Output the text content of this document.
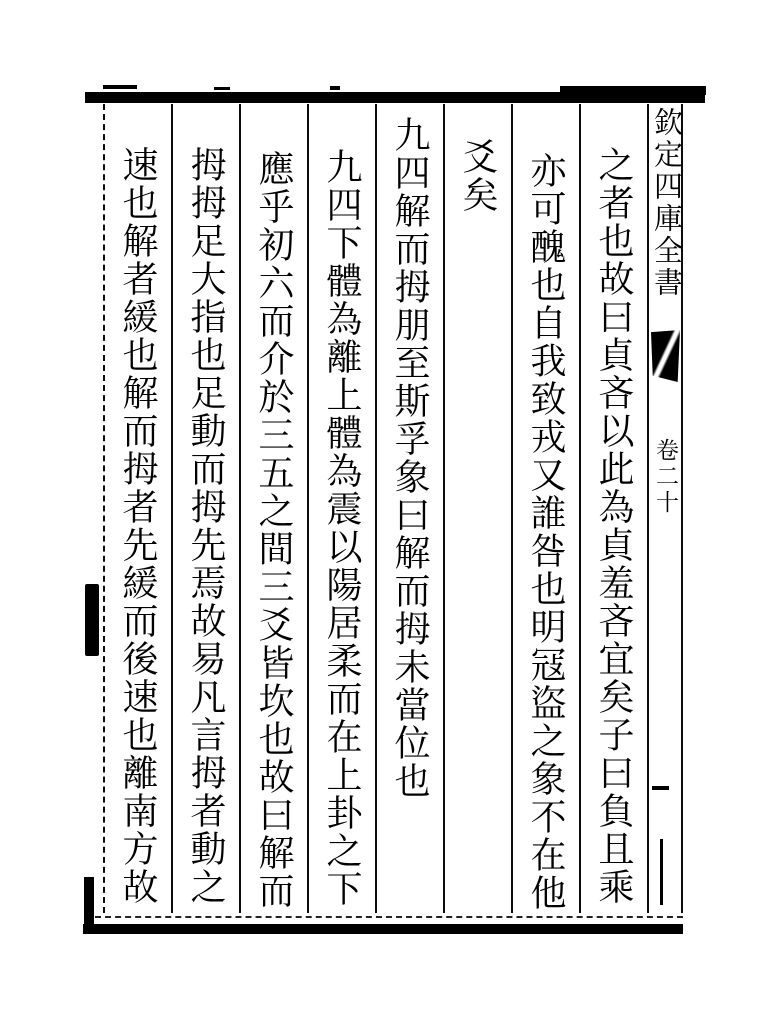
欽定四庫全書
卷二十
之者也故曰貞吝以此為貞羞吝宜矣子曰負且乘
亦可醜也自我致戎又誰咎也明冦盜之象不在他
爻矣
九四解而拇朋至斯孚象曰解而拇未當位也
九四下體為離上體為震以陽居柔而在上卦之下
應乎初六而介於三五之間三爻皆坎也故曰解而
拇拇足大指也足動而拇先焉故易凡言拇者動之
速也解者緩也解而拇者先緩而後速也離南方故
